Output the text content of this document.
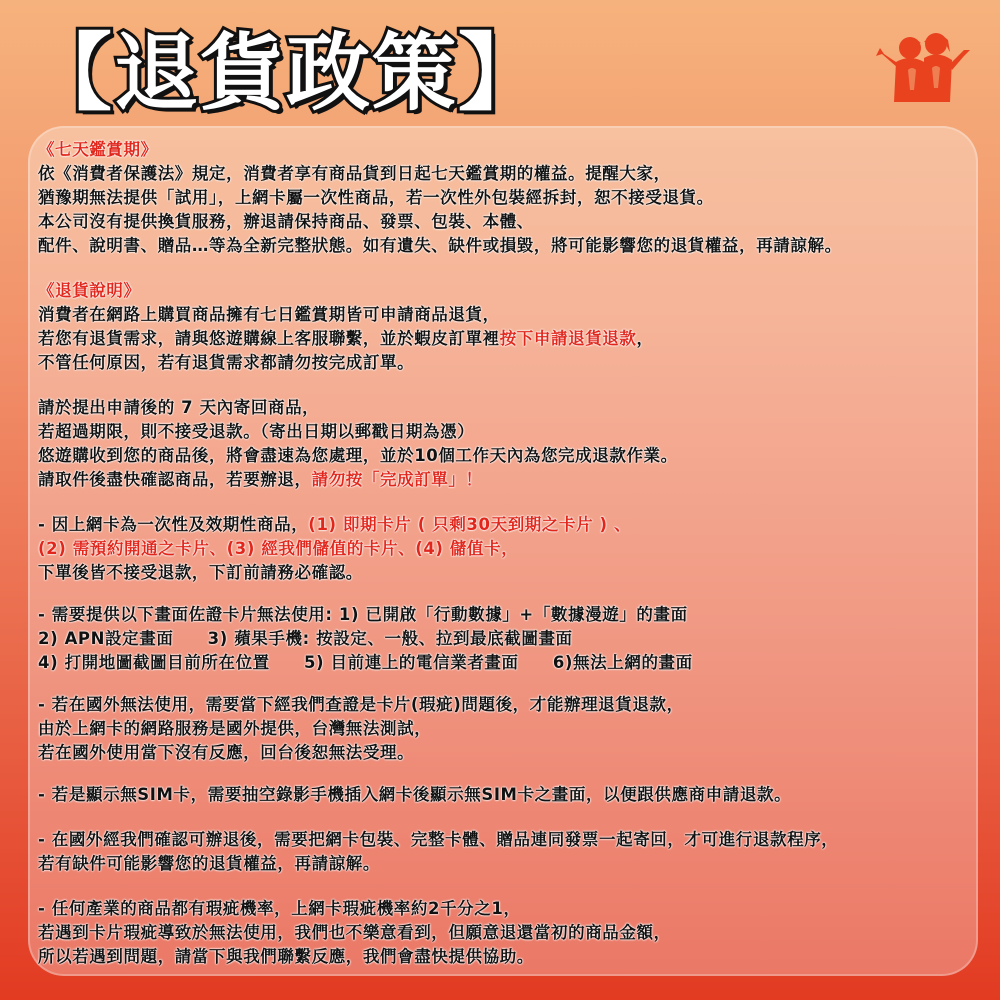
【退貨政策】
《七天鑑賞期》
依《消費者保護法》規定，消費者享有商品貨到日起七天鑑賞期的權益。提醒大家，
猶豫期無法提供「試用」，上網卡屬一次性商品，若一次性外包裝經拆封，恕不接受退貨。
本公司沒有提供換貨服務，辦退請保持商品、發票、包裝、本體、
配件、說明書、贈品…等為全新完整狀態。如有遺失、缺件或損毀，將可能影響您的退貨權益，再請諒解。
《退貨說明》
消費者在網路上購買商品擁有七日鑑賞期皆可申請商品退貨，
若您有退貨需求，請與悠遊購線上客服聯繫，並於蝦皮訂單裡按下申請退貨退款，
不管任何原因，若有退貨需求都請勿按完成訂單。
請於提出申請後的 7 天內寄回商品，
若超過期限，則不接受退款。（寄出日期以郵戳日期為憑）
悠遊購收到您的商品後，將會盡速為您處理，並於10個工作天內為您完成退款作業。
請取件後盡快確認商品，若要辦退，請勿按「完成訂單」！
- 因上網卡為一次性及效期性商品，(1) 即期卡片 ( 只剩30天到期之卡片 ) 、
(2) 需預約開通之卡片、(3) 經我們儲值的卡片、(4) 儲值卡，
下單後皆不接受退款，下訂前請務必確認。
- 需要提供以下畫面佐證卡片無法使用: 1) 已開啟「行動數據」+「數據漫遊」的畫面
2) APN設定畫面　　3) 蘋果手機: 按設定、一般、拉到最底截圖畫面
4) 打開地圖截圖目前所在位置　　5) 目前連上的電信業者畫面　　6)無法上網的畫面
- 若在國外無法使用，需要當下經我們查證是卡片(瑕疵)問題後，才能辦理退貨退款，
由於上網卡的網路服務是國外提供，台灣無法測試，
若在國外使用當下沒有反應，回台後恕無法受理。
- 若是顯示無SIM卡，需要抽空錄影手機插入網卡後顯示無SIM卡之畫面，以便跟供應商申請退款。
- 在國外經我們確認可辦退後，需要把網卡包裝、完整卡體、贈品連同發票一起寄回，才可進行退款程序，
若有缺件可能影響您的退貨權益，再請諒解。
- 任何產業的商品都有瑕疵機率，上網卡瑕疵機率約2千分之1，
若遇到卡片瑕疵導致於無法使用，我們也不樂意看到，但願意退還當初的商品金額，
所以若遇到問題，請當下與我們聯繫反應，我們會盡快提供協助。
